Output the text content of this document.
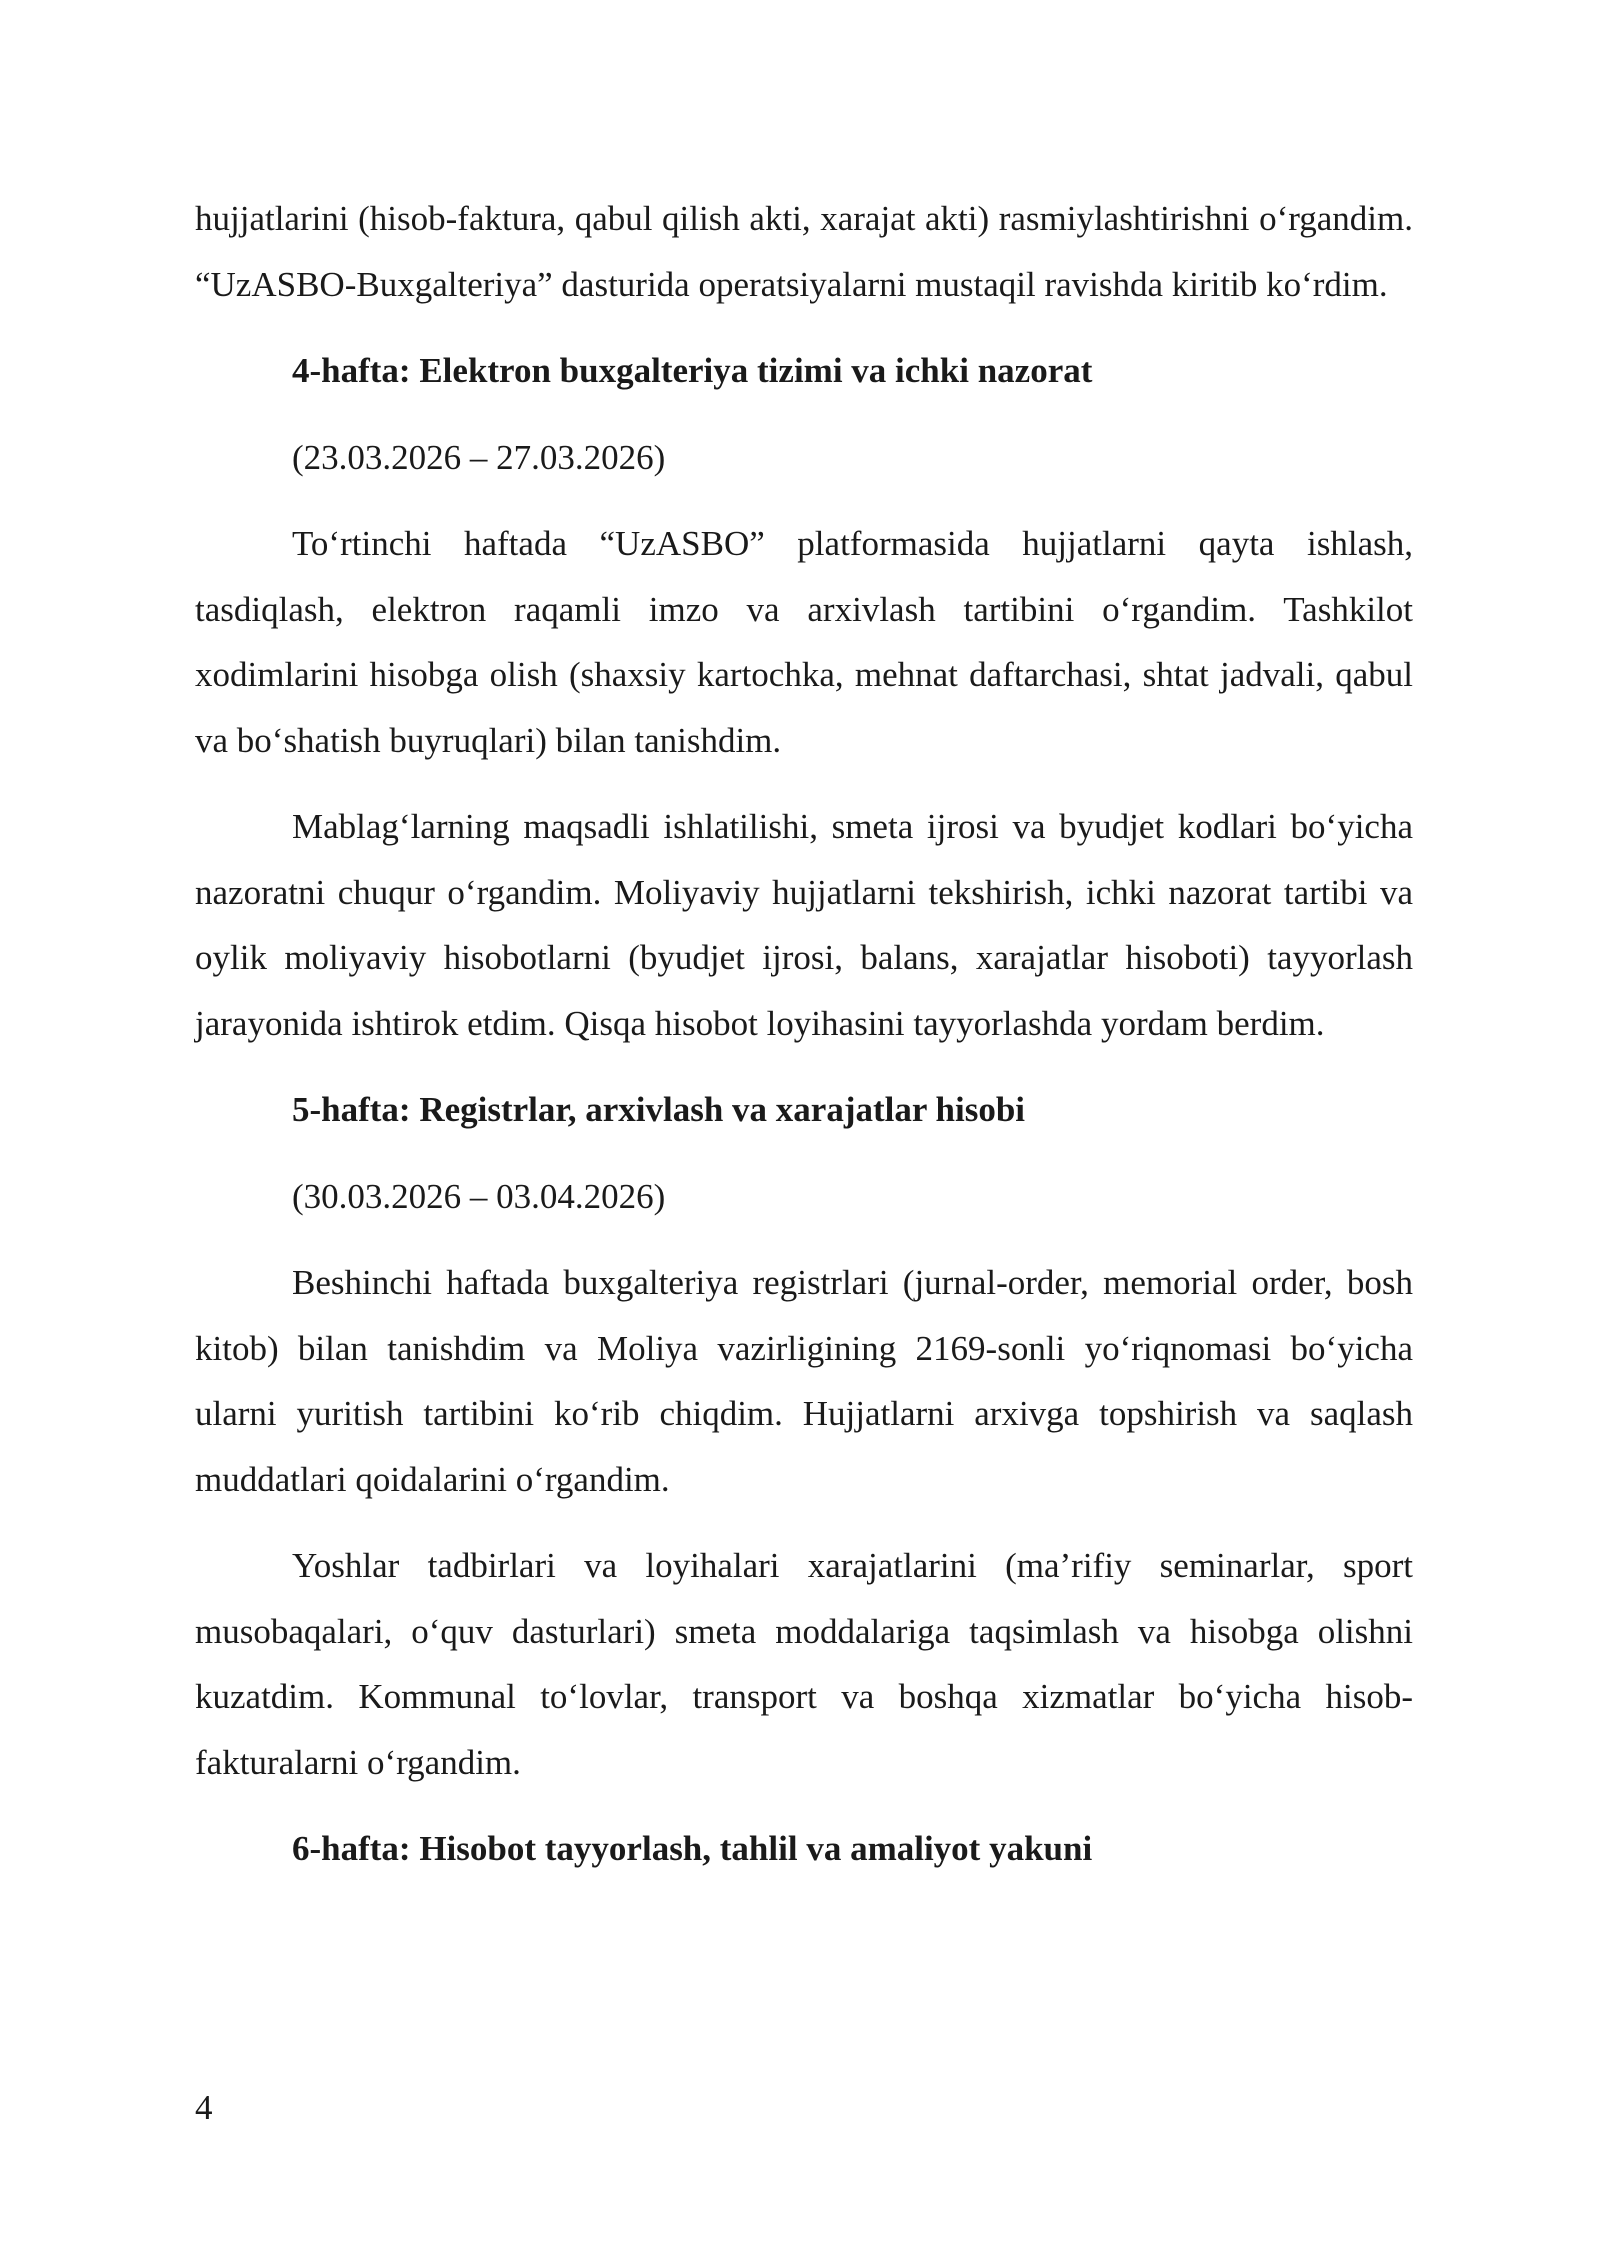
hujjatlarini (hisob-faktura, qabul qilish akti, xarajat akti) rasmiylashtirishni o‘rgandim. “UzASBO-Buxgalteriya” dasturida operatsiyalarni mustaqil ravishda kiritib ko‘rdim.

4-hafta: Elektron buxgalteriya tizimi va ichki nazorat

(23.03.2026 – 27.03.2026)

To‘rtinchi haftada “UzASBO” platformasida hujjatlarni qayta ishlash, tasdiqlash, elektron raqamli imzo va arxivlash tartibini o‘rgandim. Tashkilot xodimlarini hisobga olish (shaxsiy kartochka, mehnat daftarchasi, shtat jadvali, qabul va bo‘shatish buyruqlari) bilan tanishdim.

Mablag‘larning maqsadli ishlatilishi, smeta ijrosi va byudjet kodlari bo‘yicha nazoratni chuqur o‘rgandim. Moliyaviy hujjatlarni tekshirish, ichki nazorat tartibi va oylik moliyaviy hisobotlarni (byudjet ijrosi, balans, xarajatlar hisoboti) tayyorlash jarayonida ishtirok etdim. Qisqa hisobot loyihasini tayyorlashda yordam berdim.

5-hafta: Registrlar, arxivlash va xarajatlar hisobi

(30.03.2026 – 03.04.2026)

Beshinchi haftada buxgalteriya registrlari (jurnal-order, memorial order, bosh kitob) bilan tanishdim va Moliya vazirligining 2169-sonli yo‘riqnomasi bo‘yicha ularni yuritish tartibini ko‘rib chiqdim. Hujjatlarni arxivga topshirish va saqlash muddatlari qoidalarini o‘rgandim.

Yoshlar tadbirlari va loyihalari xarajatlarini (ma’rifiy seminarlar, sport musobaqalari, o‘quv dasturlari) smeta moddalariga taqsimlash va hisobga olishni kuzatdim. Kommunal to‘lovlar, transport va boshqa xizmatlar bo‘yicha hisob-fakturalarni o‘rgandim.

6-hafta: Hisobot tayyorlash, tahlil va amaliyot yakuni

4
